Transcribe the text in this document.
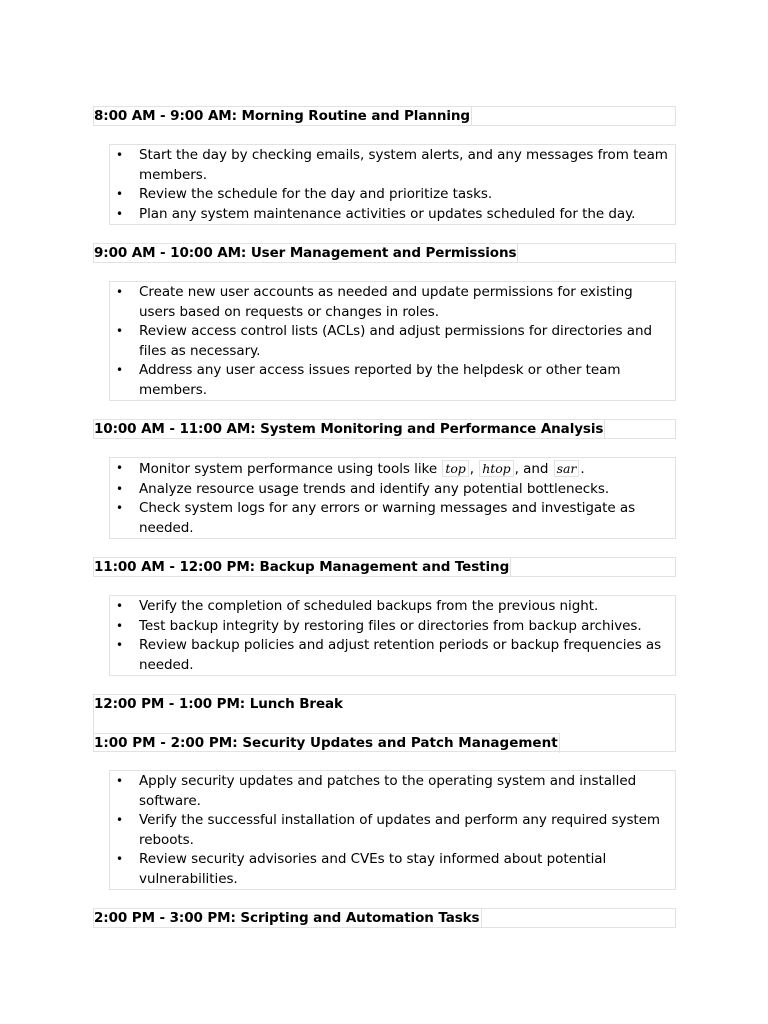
8:00 AM - 9:00 AM: Morning Routine and Planning
• Start the day by checking emails, system alerts, and any messages from team members.
• Review the schedule for the day and prioritize tasks.
• Plan any system maintenance activities or updates scheduled for the day.
9:00 AM - 10:00 AM: User Management and Permissions
• Create new user accounts as needed and update permissions for existing users based on requests or changes in roles.
• Review access control lists (ACLs) and adjust permissions for directories and files as necessary.
• Address any user access issues reported by the helpdesk or other team members.
10:00 AM - 11:00 AM: System Monitoring and Performance Analysis
• Monitor system performance using tools like top , htop , and sar .
• Analyze resource usage trends and identify any potential bottlenecks.
• Check system logs for any errors or warning messages and investigate as needed.
11:00 AM - 12:00 PM: Backup Management and Testing
• Verify the completion of scheduled backups from the previous night.
• Test backup integrity by restoring files or directories from backup archives.
• Review backup policies and adjust retention periods or backup frequencies as needed.
12:00 PM - 1:00 PM: Lunch Break
1:00 PM - 2:00 PM: Security Updates and Patch Management
• Apply security updates and patches to the operating system and installed software.
• Verify the successful installation of updates and perform any required system reboots.
• Review security advisories and CVEs to stay informed about potential vulnerabilities.
2:00 PM - 3:00 PM: Scripting and Automation Tasks
